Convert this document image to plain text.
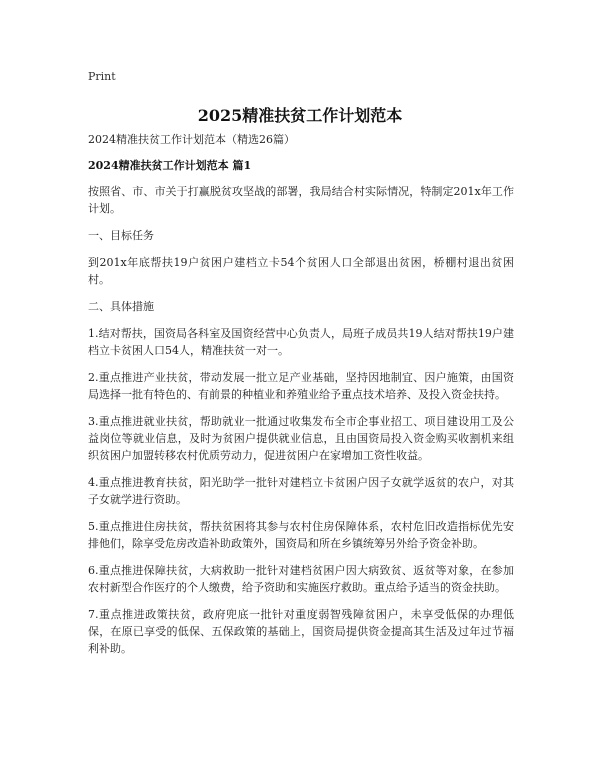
Print
2025精准扶贫工作计划范本
2024精准扶贫工作计划范本（精选26篇）
2024精准扶贫工作计划范本 篇1

按照省、市、市关于打赢脱贫攻坚战的部署，我局结合村实际情况，特制定201x年工作计划。

一、目标任务

到201x年底帮扶19户贫困户建档立卡54个贫困人口全部退出贫困，桥棚村退出贫困村。

二、具体措施

1.结对帮扶，国资局各科室及国资经营中心负责人，局班子成员共19人结对帮扶19户建档立卡贫困人口54人，精准扶贫一对一。

2.重点推进产业扶贫，带动发展一批立足产业基础，坚持因地制宜、因户施策，由国资局选择一批有特色的、有前景的种植业和养殖业给予重点技术培养、及投入资金扶持。

3.重点推进就业扶贫，帮助就业一批通过收集发布全市企事业招工、项目建设用工及公益岗位等就业信息，及时为贫困户提供就业信息，且由国资局投入资金购买收割机来组织贫困户加盟转移农村优质劳动力，促进贫困户在家增加工资性收益。

4.重点推进教育扶贫，阳光助学一批针对建档立卡贫困户因子女就学返贫的农户，对其子女就学进行资助。

5.重点推进住房扶贫，帮扶贫困将其参与农村住房保障体系，农村危旧改造指标优先安排他们，除享受危房改造补助政策外，国资局和所在乡镇统筹另外给予资金补助。

6.重点推进保障扶贫，大病救助一批针对建档贫困户因大病致贫、返贫等对象，在参加农村新型合作医疗的个人缴费，给予资助和实施医疗救助。重点给予适当的资金扶助。

7.重点推进政策扶贫，政府兜底一批针对重度弱智残障贫困户，未享受低保的办理低保，在原已享受的低保、五保政策的基础上，国资局提供资金提高其生活及过年过节福利补助。
